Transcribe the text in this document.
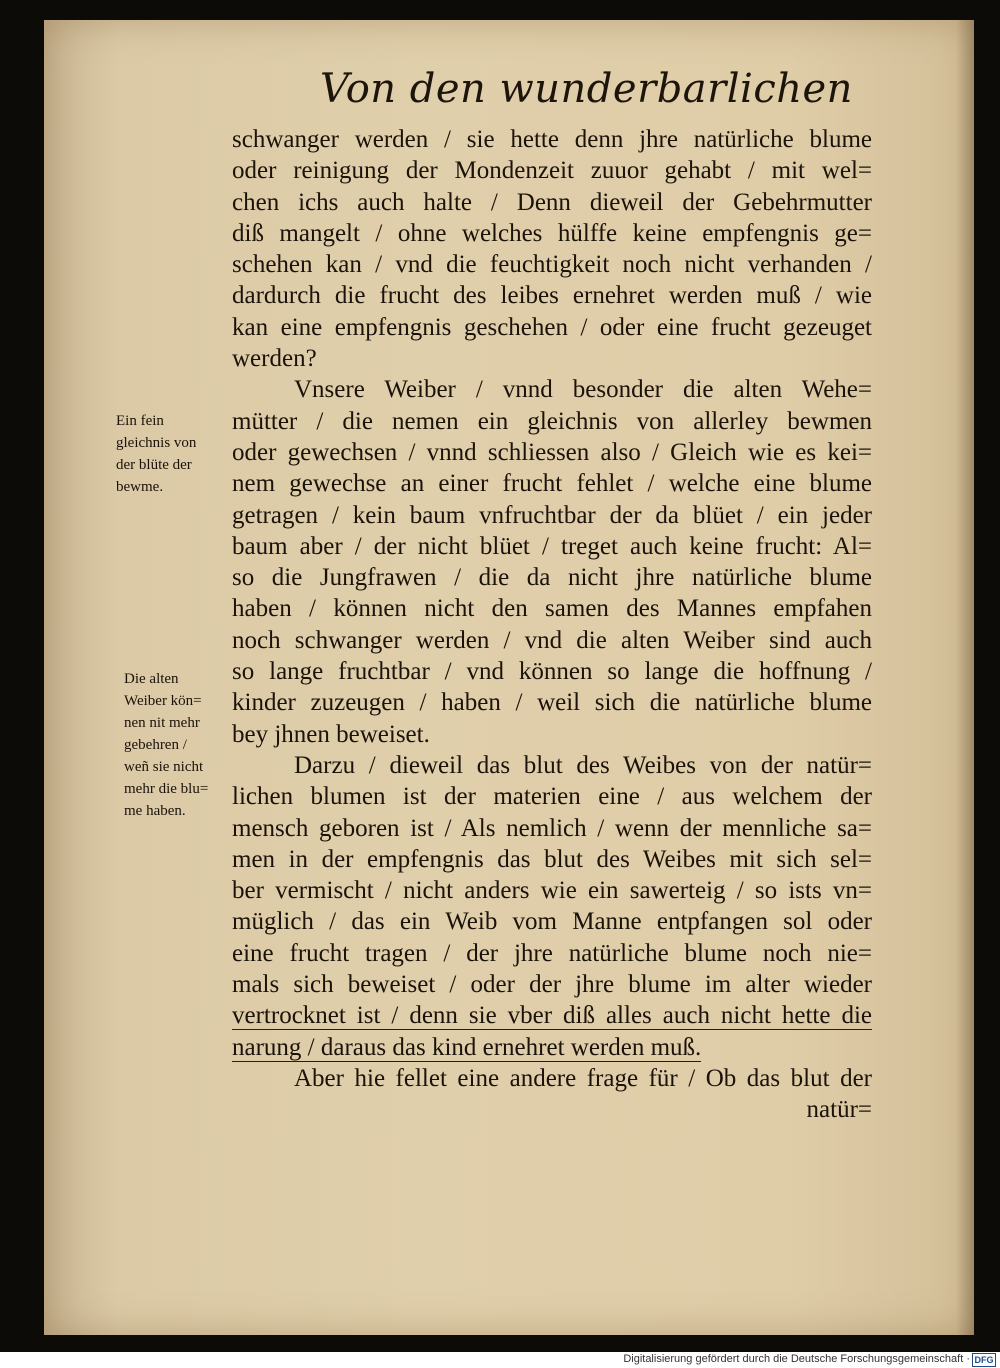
Von den wunderbarlichen
schwanger werden / sie hette denn jhre natürliche blume
oder reinigung der Mondenzeit zuuor gehabt / mit wel=
chen ichs auch halte / Denn dieweil der Gebehrmutter
diß mangelt / ohne welches hülffe keine empfengnis ge=
schehen kan / vnd die feuchtigkeit noch nicht verhanden /
dardurch die frucht des leibes ernehret werden muß / wie
kan eine empfengnis geschehen / oder eine frucht gezeuget
werden?
Vnsere Weiber / vnnd besonder die alten Wehe=
mütter / die nemen ein gleichnis von allerley bewmen
oder gewechsen / vnnd schliessen also / Gleich wie es kei=
nem gewechse an einer frucht fehlet / welche eine blume
getragen / kein baum vnfruchtbar der da blüet / ein jeder
baum aber / der nicht blüet / treget auch keine frucht: Al=
so die Jungfrawen / die da nicht jhre natürliche blume
haben / können nicht den samen des Mannes empfahen
noch schwanger werden / vnd die alten Weiber sind auch
so lange fruchtbar / vnd können so lange die hoffnung /
kinder zuzeugen / haben / weil sich die natürliche blume
bey jhnen beweiset.
Darzu / dieweil das blut des Weibes von der natür=
lichen blumen ist der materien eine / aus welchem der
mensch geboren ist / Als nemlich / wenn der mennliche sa=
men in der empfengnis das blut des Weibes mit sich sel=
ber vermischt / nicht anders wie ein sawerteig / so ists vn=
müglich / das ein Weib vom Manne entpfangen sol oder
eine frucht tragen / der jhre natürliche blume noch nie=
mals sich beweiset / oder der jhre blume im alter wieder
vertrocknet ist / denn sie vber diß alles auch nicht hette die
narung / daraus das kind ernehret werden muß.
Aber hie fellet eine andere frage für / Ob das blut der
natür=
Ein fein
gleichnis von
der blüte der
bewme.
Die alten
Weiber kön=
nen nit mehr
gebehren /
weñ sie nicht
mehr die blu=
me haben.
Digitalisierung gefördert durch die Deutsche Forschungsgemeinschaft · DFG
